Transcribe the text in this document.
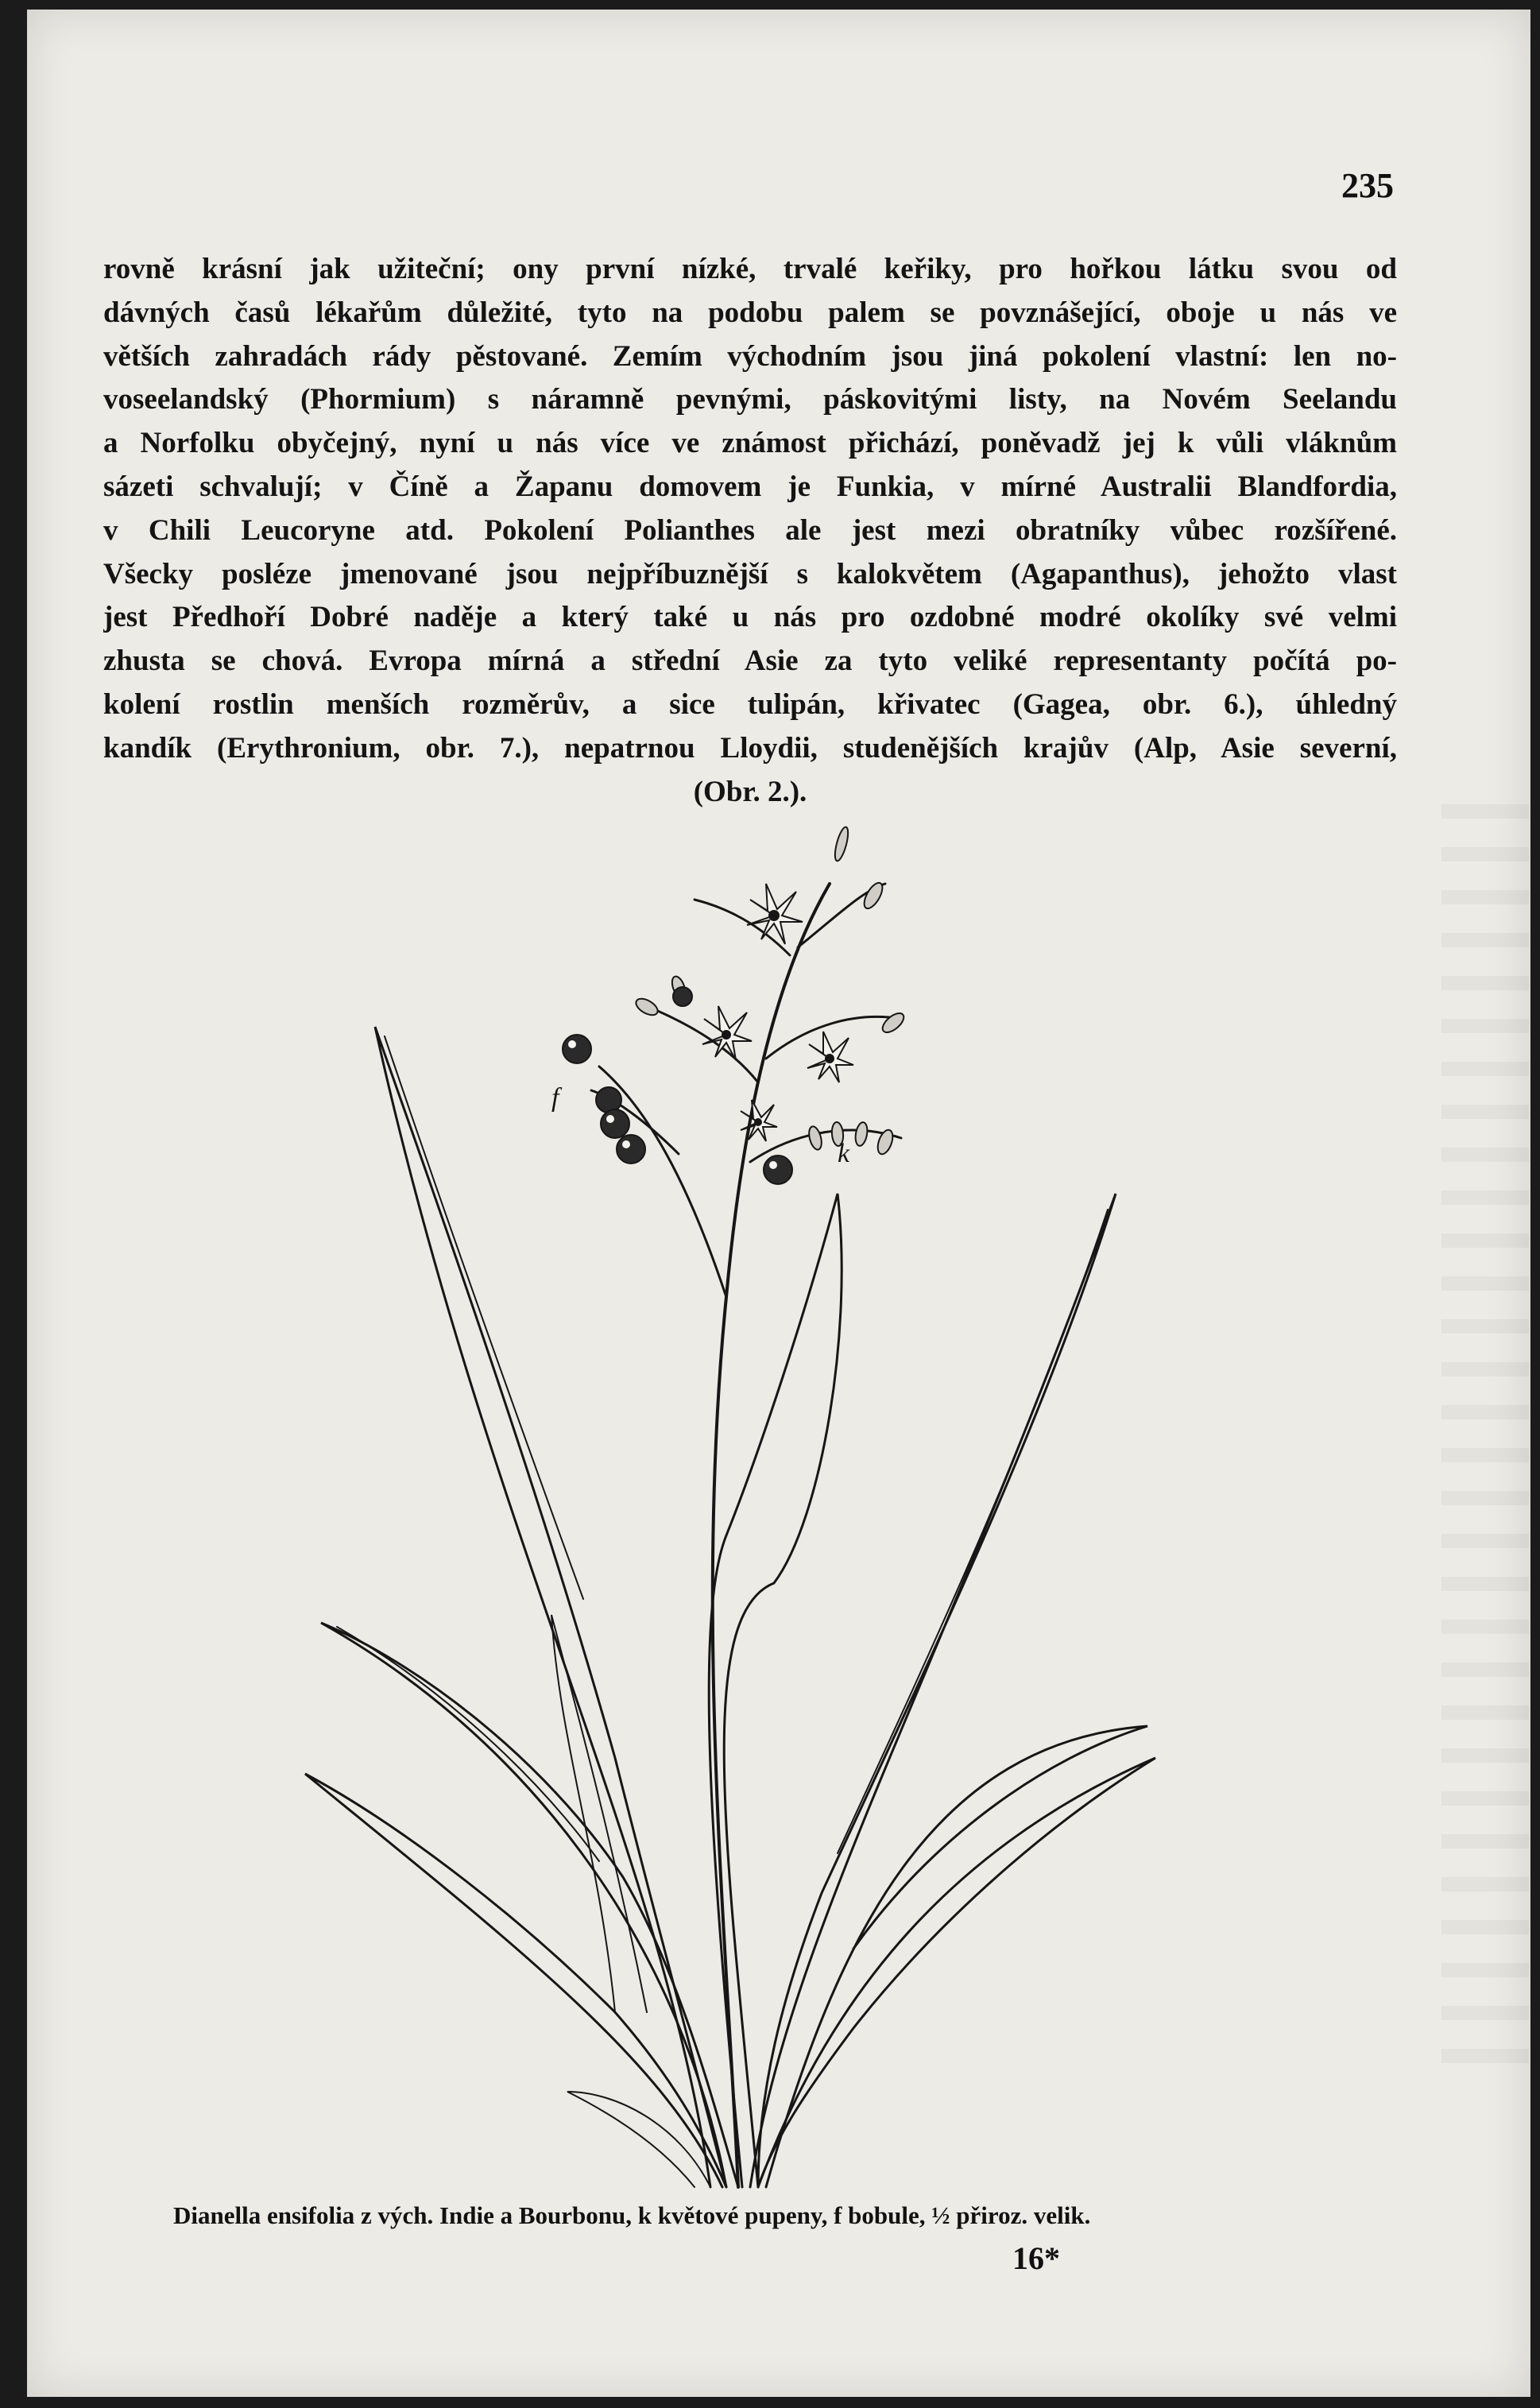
235
rovně krásní jak užiteční; ony první nízké, trvalé keřiky, pro hořkou látku svou od
dávných časů lékařům důležité, tyto na podobu palem se povznášející, oboje u nás ve
větších zahradách rády pěstované. Zemím východním jsou jiná pokolení vlastní: len no-
voseelandský (Phormium) s náramně pevnými, páskovitými listy, na Novém Seelandu
a Norfolku obyčejný, nyní u nás více ve známost přichází, poněvadž jej k vůli vláknům
sázeti schvalují; v Číně a Žapanu domovem je Funkia, v mírné Australii Blandfordia,
v Chili Leucoryne atd. Pokolení Polianthes ale jest mezi obratníky vůbec rozšířené.
Všecky posléze jmenované jsou nejpříbuznější s kalokvětem (Agapanthus), jehožto vlast
jest Předhoří Dobré naděje a který také u nás pro ozdobné modré okolíky své velmi
zhusta se chová. Evropa mírná a střední Asie za tyto veliké representanty počítá po-
kolení rostlin menších rozměrův, a sice tulipán, křivatec (Gagea, obr. 6.), úhledný
kandík (Erythronium, obr. 7.), nepatrnou Lloydii, studenějších krajův (Alp, Asie severní,
(Obr. 2.).
k
f
Dianella ensifolia z vých. Indie a Bourbonu, k květové pupeny, f bobule, ½ přiroz. velik.
16*
